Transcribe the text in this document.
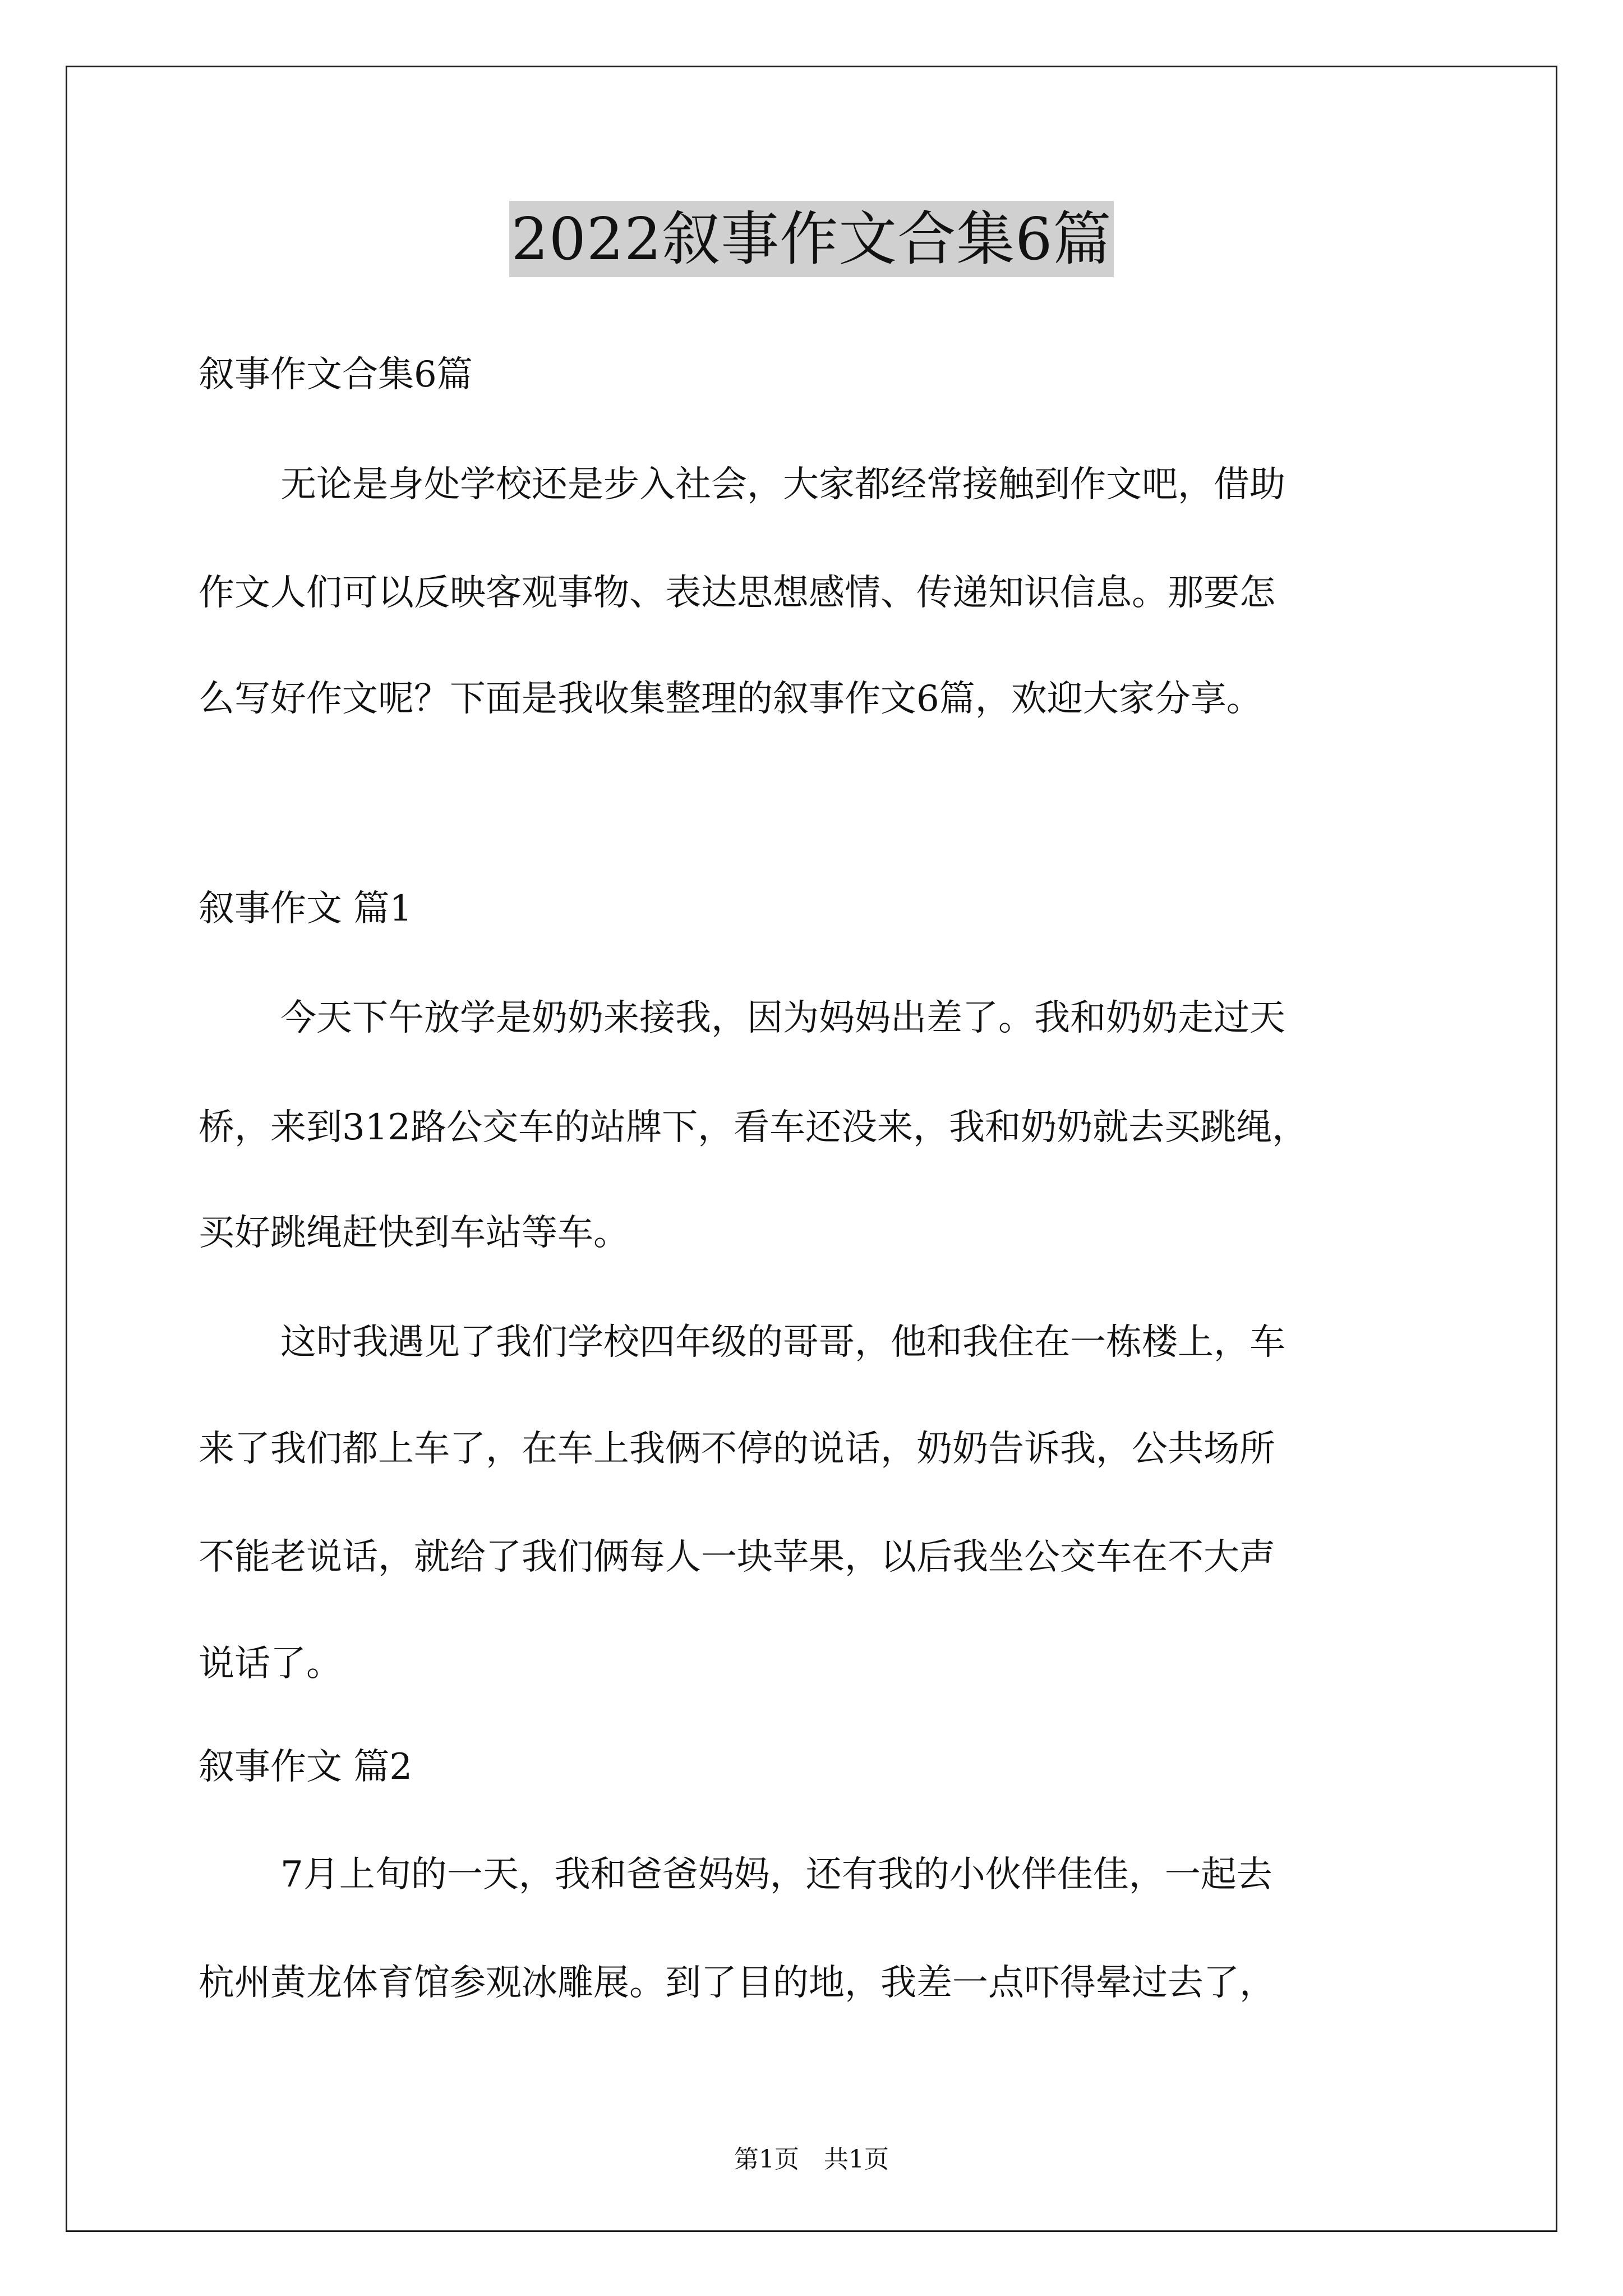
2022叙事作文合集6篇
叙事作文合集6篇
无论是身处学校还是步入社会，大家都经常接触到作文吧，借助
作文人们可以反映客观事物、表达思想感情、传递知识信息。那要怎
么写好作文呢？下面是我收集整理的叙事作文6篇，欢迎大家分享。
叙事作文 篇1
今天下午放学是奶奶来接我，因为妈妈出差了。我和奶奶走过天
桥，来到312路公交车的站牌下，看车还没来，我和奶奶就去买跳绳，
买好跳绳赶快到车站等车。
这时我遇见了我们学校四年级的哥哥，他和我住在一栋楼上，车
来了我们都上车了，在车上我俩不停的说话，奶奶告诉我，公共场所
不能老说话，就给了我们俩每人一块苹果，以后我坐公交车在不大声
说话了。
叙事作文 篇2
7月上旬的一天，我和爸爸妈妈，还有我的小伙伴佳佳，一起去
杭州黄龙体育馆参观冰雕展。到了目的地，我差一点吓得晕过去了，
第1页　共1页
